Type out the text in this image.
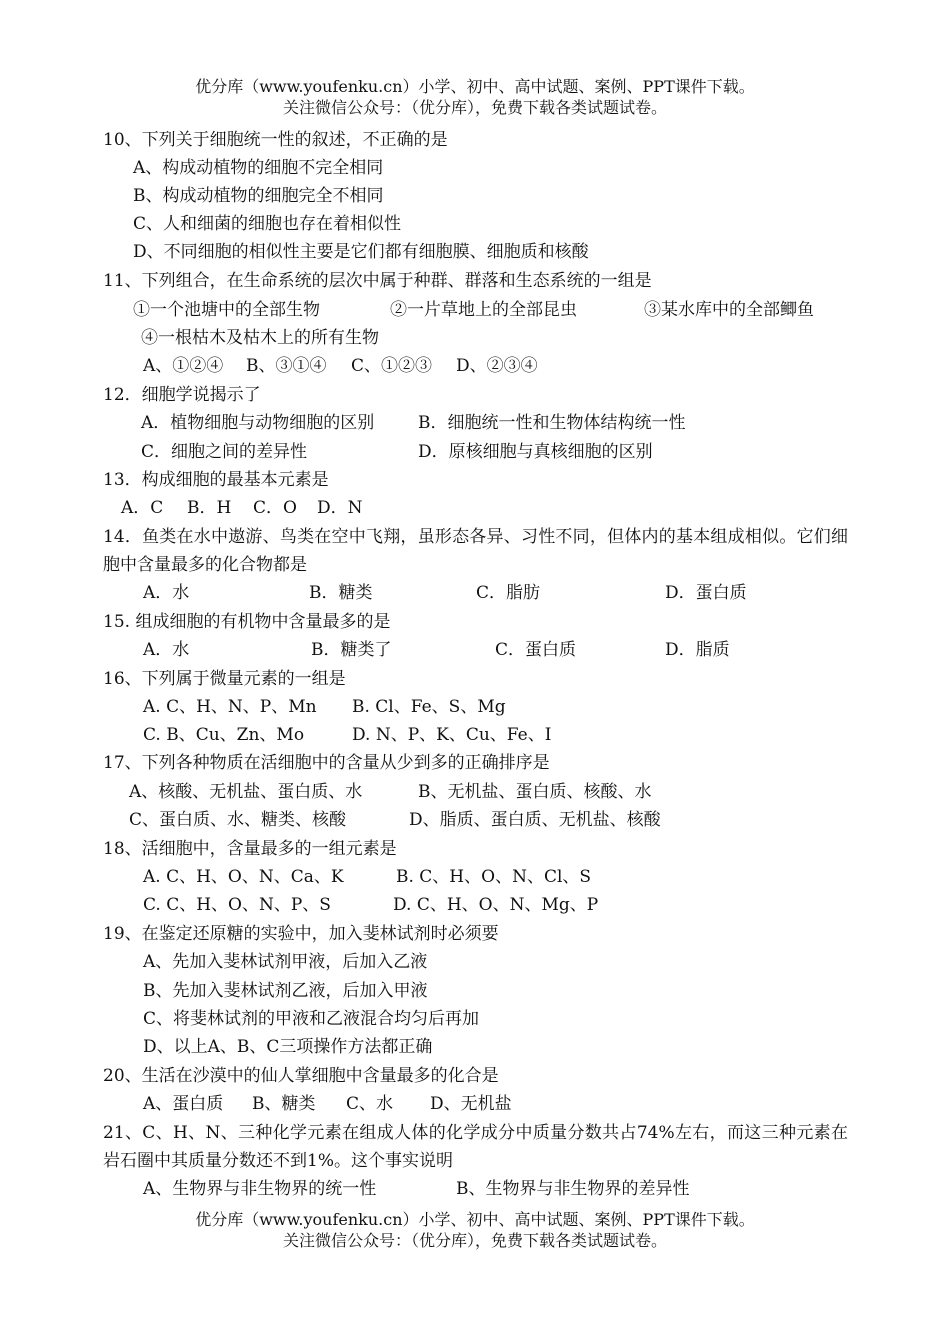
优分库（www.youfenku.cn）小学、初中、高中试题、案例、PPT课件下载。
关注微信公众号：（优分库），免费下载各类试题试卷。
10、下列关于细胞统一性的叙述，不正确的是
A、构成动植物的细胞不完全相同
B、构成动植物的细胞完全不相同
C、人和细菌的细胞也存在着相似性
D、不同细胞的相似性主要是它们都有细胞膜、细胞质和核酸
11、下列组合，在生命系统的层次中属于种群、群落和生态系统的一组是
①一个池塘中的全部生物	②一片草地上的全部昆虫	③某水库中的全部鲫鱼
④一根枯木及枯木上的所有生物
A、①②④ B、③①④ C、①②③ D、②③④
12．细胞学说揭示了
A．植物细胞与动物细胞的区别	B．细胞统一性和生物体结构统一性
C．细胞之间的差异性	D．原核细胞与真核细胞的区别
13．构成细胞的最基本元素是
A．C B．H C．O D．N
14．鱼类在水中遨游、鸟类在空中飞翔，虽形态各异、习性不同，但体内的基本组成相似。它们细胞中含量最多的化合物都是
A．水	B．糖类	C．脂肪	D．蛋白质
15. 组成细胞的有机物中含量最多的是
A．水	B．糖类了	C．蛋白质	D．脂质
16、下列属于微量元素的一组是
A. C、H、N、P、Mn B. Cl、Fe、S、Mg
C. B、Cu、Zn、Mo	D. N、P、K、Cu、Fe、I
17、下列各种物质在活细胞中的含量从少到多的正确排序是
A、核酸、无机盐、蛋白质、水	B、无机盐、蛋白质、核酸、水
C、蛋白质、水、糖类、核酸	D、脂质、蛋白质、无机盐、核酸
18、活细胞中，含量最多的一组元素是
A. C、H、O、N、Ca、K	B. C、H、O、N、Cl、S
C. C、H、O、N、P、S	D. C、H、O、N、Mg、P
19、在鉴定还原糖的实验中，加入斐林试剂时必须要
A、先加入斐林试剂甲液，后加入乙液
B、先加入斐林试剂乙液，后加入甲液
C、将斐林试剂的甲液和乙液混合均匀后再加
D、以上A、B、C三项操作方法都正确
20、生活在沙漠中的仙人掌细胞中含量最多的化合是
A、蛋白质 B、糖类 C、水 D、无机盐
21、C、H、N、三种化学元素在组成人体的化学成分中质量分数共占74%左右，而这三种元素在岩石圈中其质量分数还不到1%。这个事实说明
A、生物界与非生物界的统一性	B、生物界与非生物界的差异性
优分库（www.youfenku.cn）小学、初中、高中试题、案例、PPT课件下载。
关注微信公众号：（优分库），免费下载各类试题试卷。
